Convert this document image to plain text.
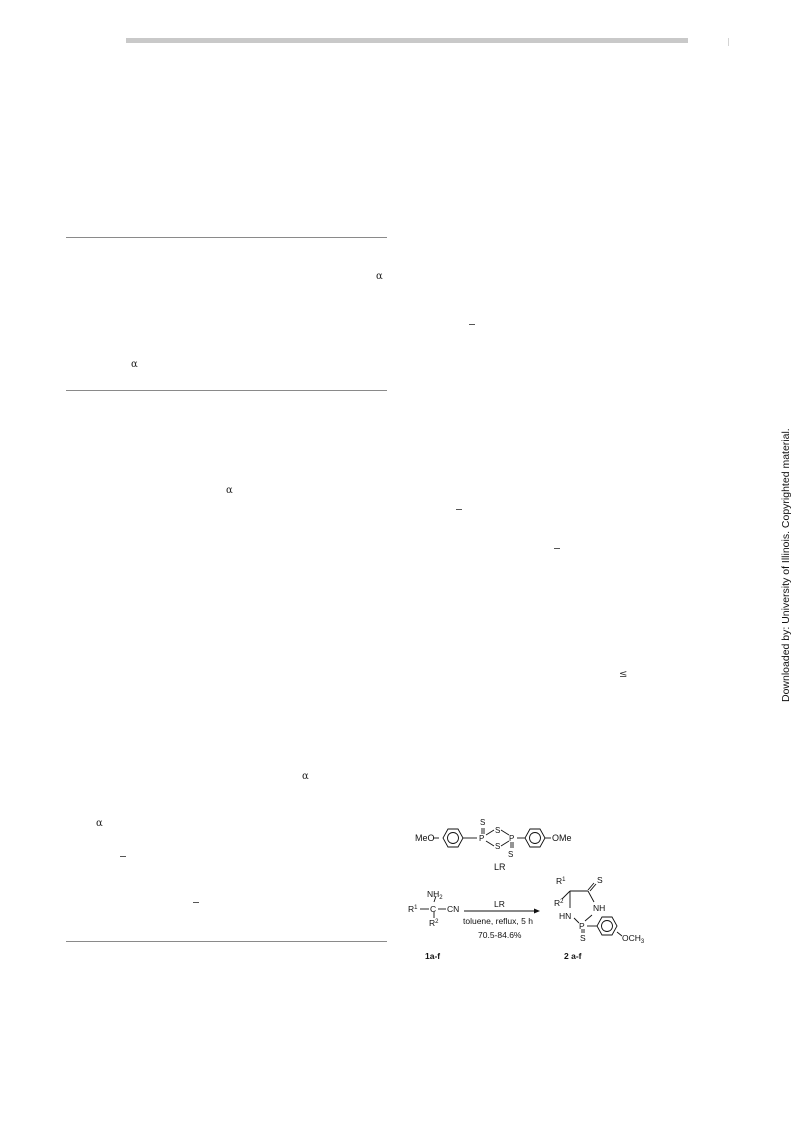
α
α
α
α
α
≤	Downloaded by: University of Illinois. Copyrighted material.
MeO
S
P
S
S
P
S
OMe
LR
$NH_2$
$R^1$ C CN
$R^2$
1a-f
LR
toluene, reflux, 5 h
70.5-84.6%
$R^1$
$R^2$
S
NH
HN
P
S	$OCH_3$
2 a-f
